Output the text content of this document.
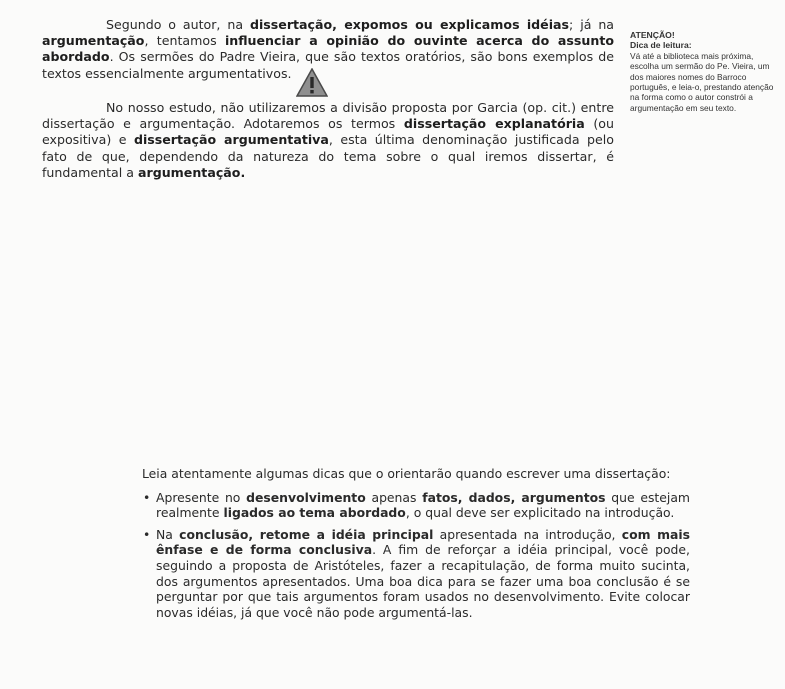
Segundo o autor, na dissertação, expomos ou explicamos idéias; já na argumentação, tentamos influenciar a opinião do ouvinte acerca do assunto abordado. Os sermões do Padre Vieira, que são textos oratórios, são bons exemplos de textos essencialmente argumentativos.

No nosso estudo, não utilizaremos a divisão proposta por Garcia (op. cit.) entre dissertação e argumentação. Adotaremos os termos dissertação explanatória (ou expositiva) e dissertação argumentativa, esta última denominação justificada pelo fato de que, dependendo da natureza do tema sobre o qual iremos dissertar, é fundamental a argumentação.

ATENÇÃO!
Dica de leitura:
Vá até a biblioteca mais próxima, escolha um sermão do Pe. Vieira, um dos maiores nomes do Barroco português, e leia-o, prestando atenção na forma como o autor constrói a argumentação em seu texto.

Leia atentamente algumas dicas que o orientarão quando escrever uma dissertação:

• Apresente no desenvolvimento apenas fatos, dados, argumentos que estejam realmente ligados ao tema abordado, o qual deve ser explicitado na introdução.
• Na conclusão, retome a idéia principal apresentada na introdução, com mais ênfase e de forma conclusiva. A fim de reforçar a idéia principal, você pode, seguindo a proposta de Aristóteles, fazer a recapitulação, de forma muito sucinta, dos argumentos apresentados. Uma boa dica para se fazer uma boa conclusão é se perguntar por que tais argumentos foram usados no desenvolvimento. Evite colocar novas idéias, já que você não pode argumentá-las.
